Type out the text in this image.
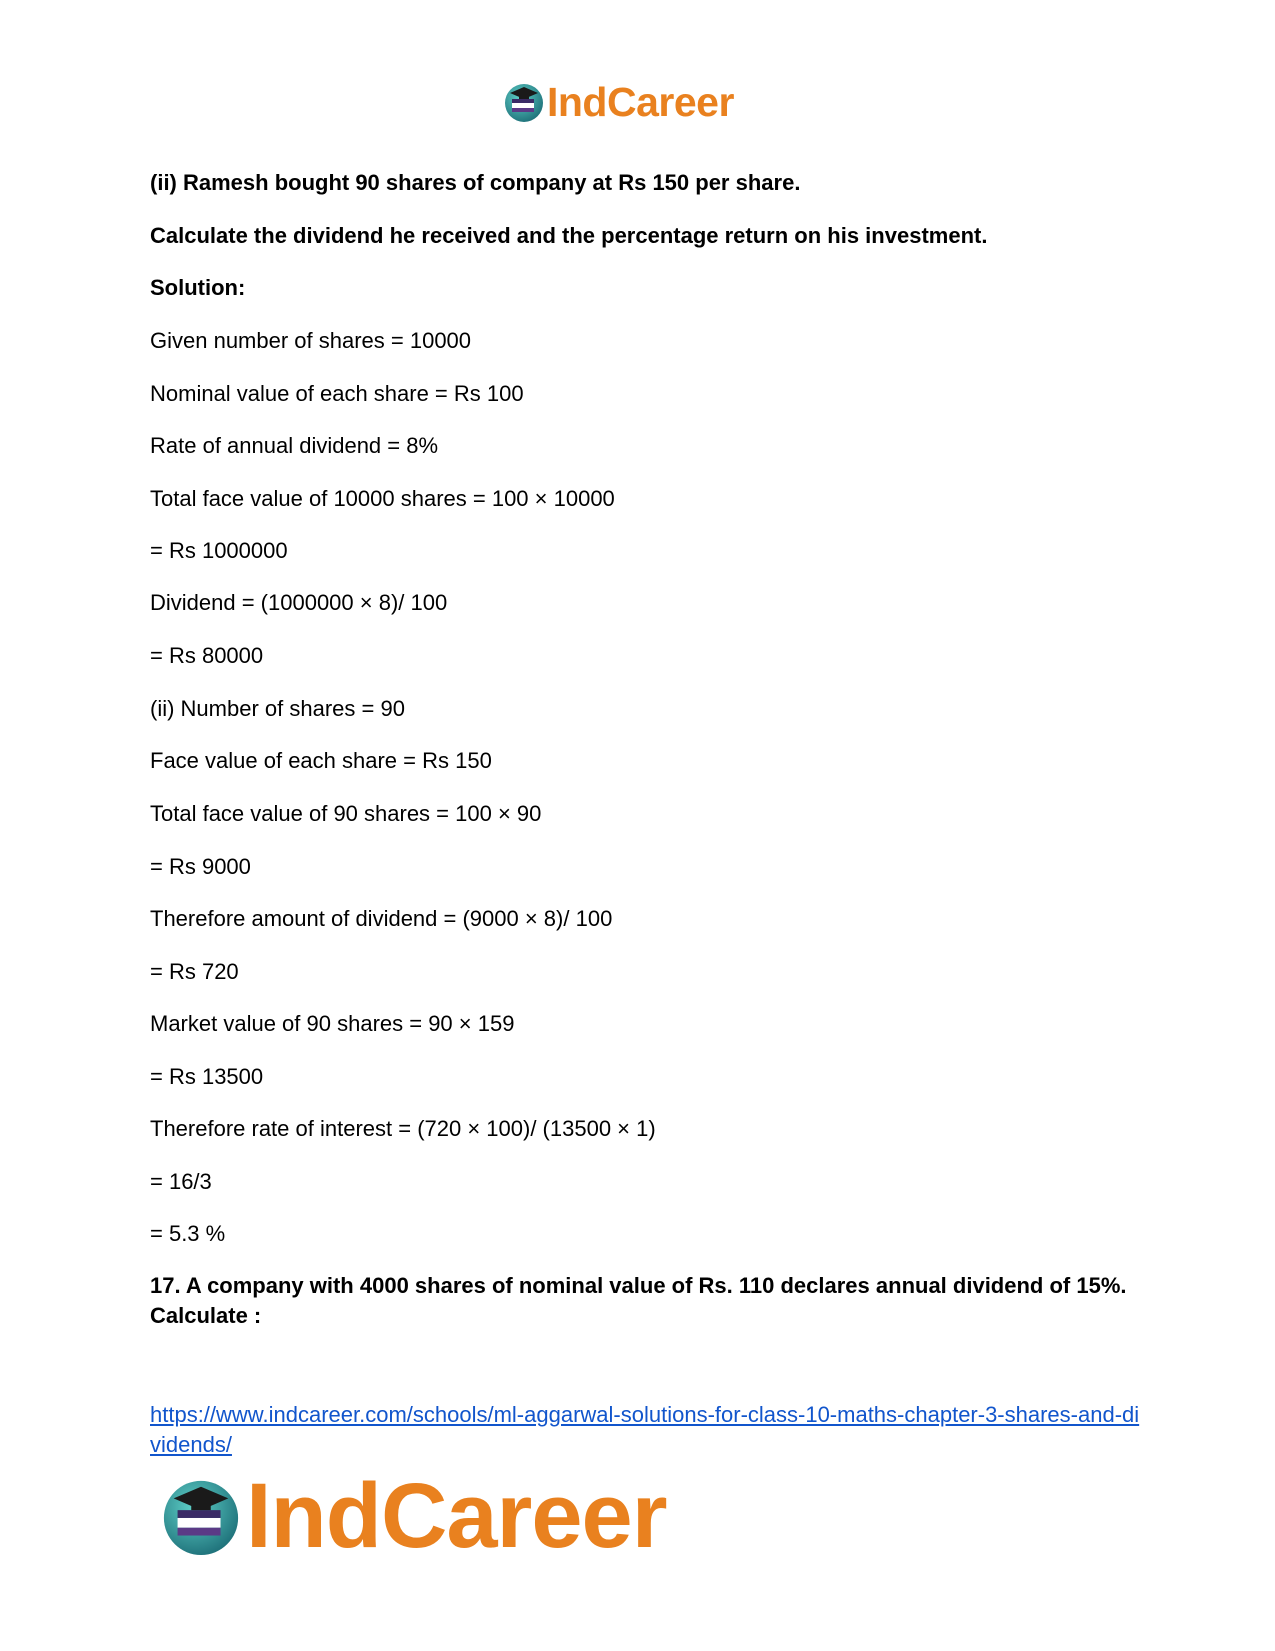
IndCareer
(ii) Ramesh bought 90 shares of company at Rs 150 per share.
Calculate the dividend he received and the percentage return on his investment.
Solution:
Given number of shares = 10000
Nominal value of each share = Rs 100
Rate of annual dividend = 8%
Total face value of 10000 shares = 100 × 10000
= Rs 1000000
Dividend = (1000000 × 8)/ 100
= Rs 80000
(ii) Number of shares = 90
Face value of each share = Rs 150
Total face value of 90 shares = 100 × 90
= Rs 9000
Therefore amount of dividend = (9000 × 8)/ 100
= Rs 720
Market value of 90 shares = 90 × 159
= Rs 13500
Therefore rate of interest = (720 × 100)/ (13500 × 1)
= 16/3
= 5.3 %
17. A company with 4000 shares of nominal value of Rs. 110 declares annual dividend of 15%. Calculate :
https://www.indcareer.com/schools/ml-aggarwal-solutions-for-class-10-maths-chapter-3-shares-and-dividends/
IndCareer
